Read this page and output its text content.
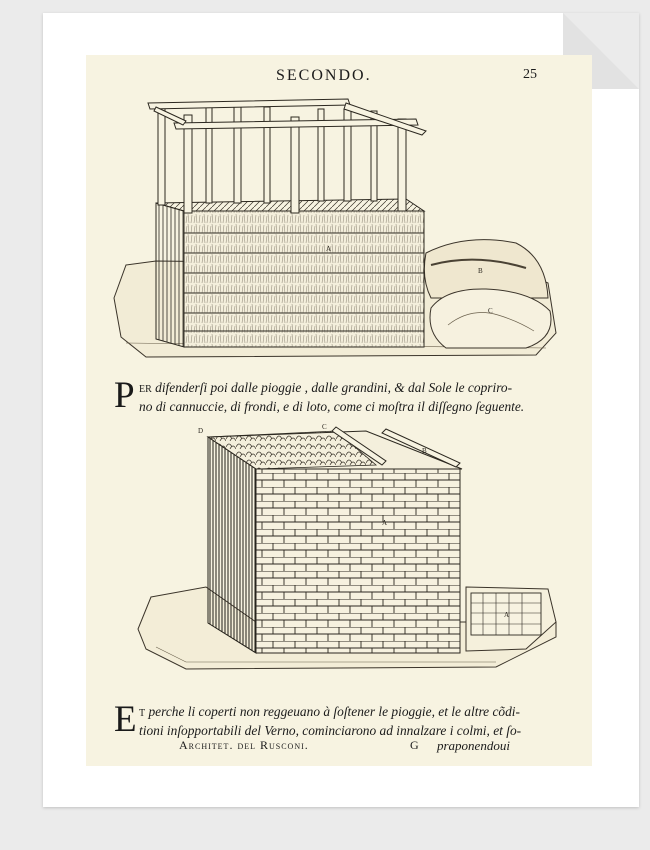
SECONDO.	25
A
B
C
P ER difenderſi poi dalle pioggie , dalle grandini, & dal Sole le copriro-
no di cannuccie, di frondi, e di loto, come ci moſtra il diſſegno ſeguente.
D
A
B
C
A
E T perche li coperti non reggeuano à ſoſtener le pioggie, et le altre cõdi-
tioni inſopportabili del Verno, cominciarono ad innalzare i colmi, et ſo-
Architet. del Rusconi.	G praponendoui
